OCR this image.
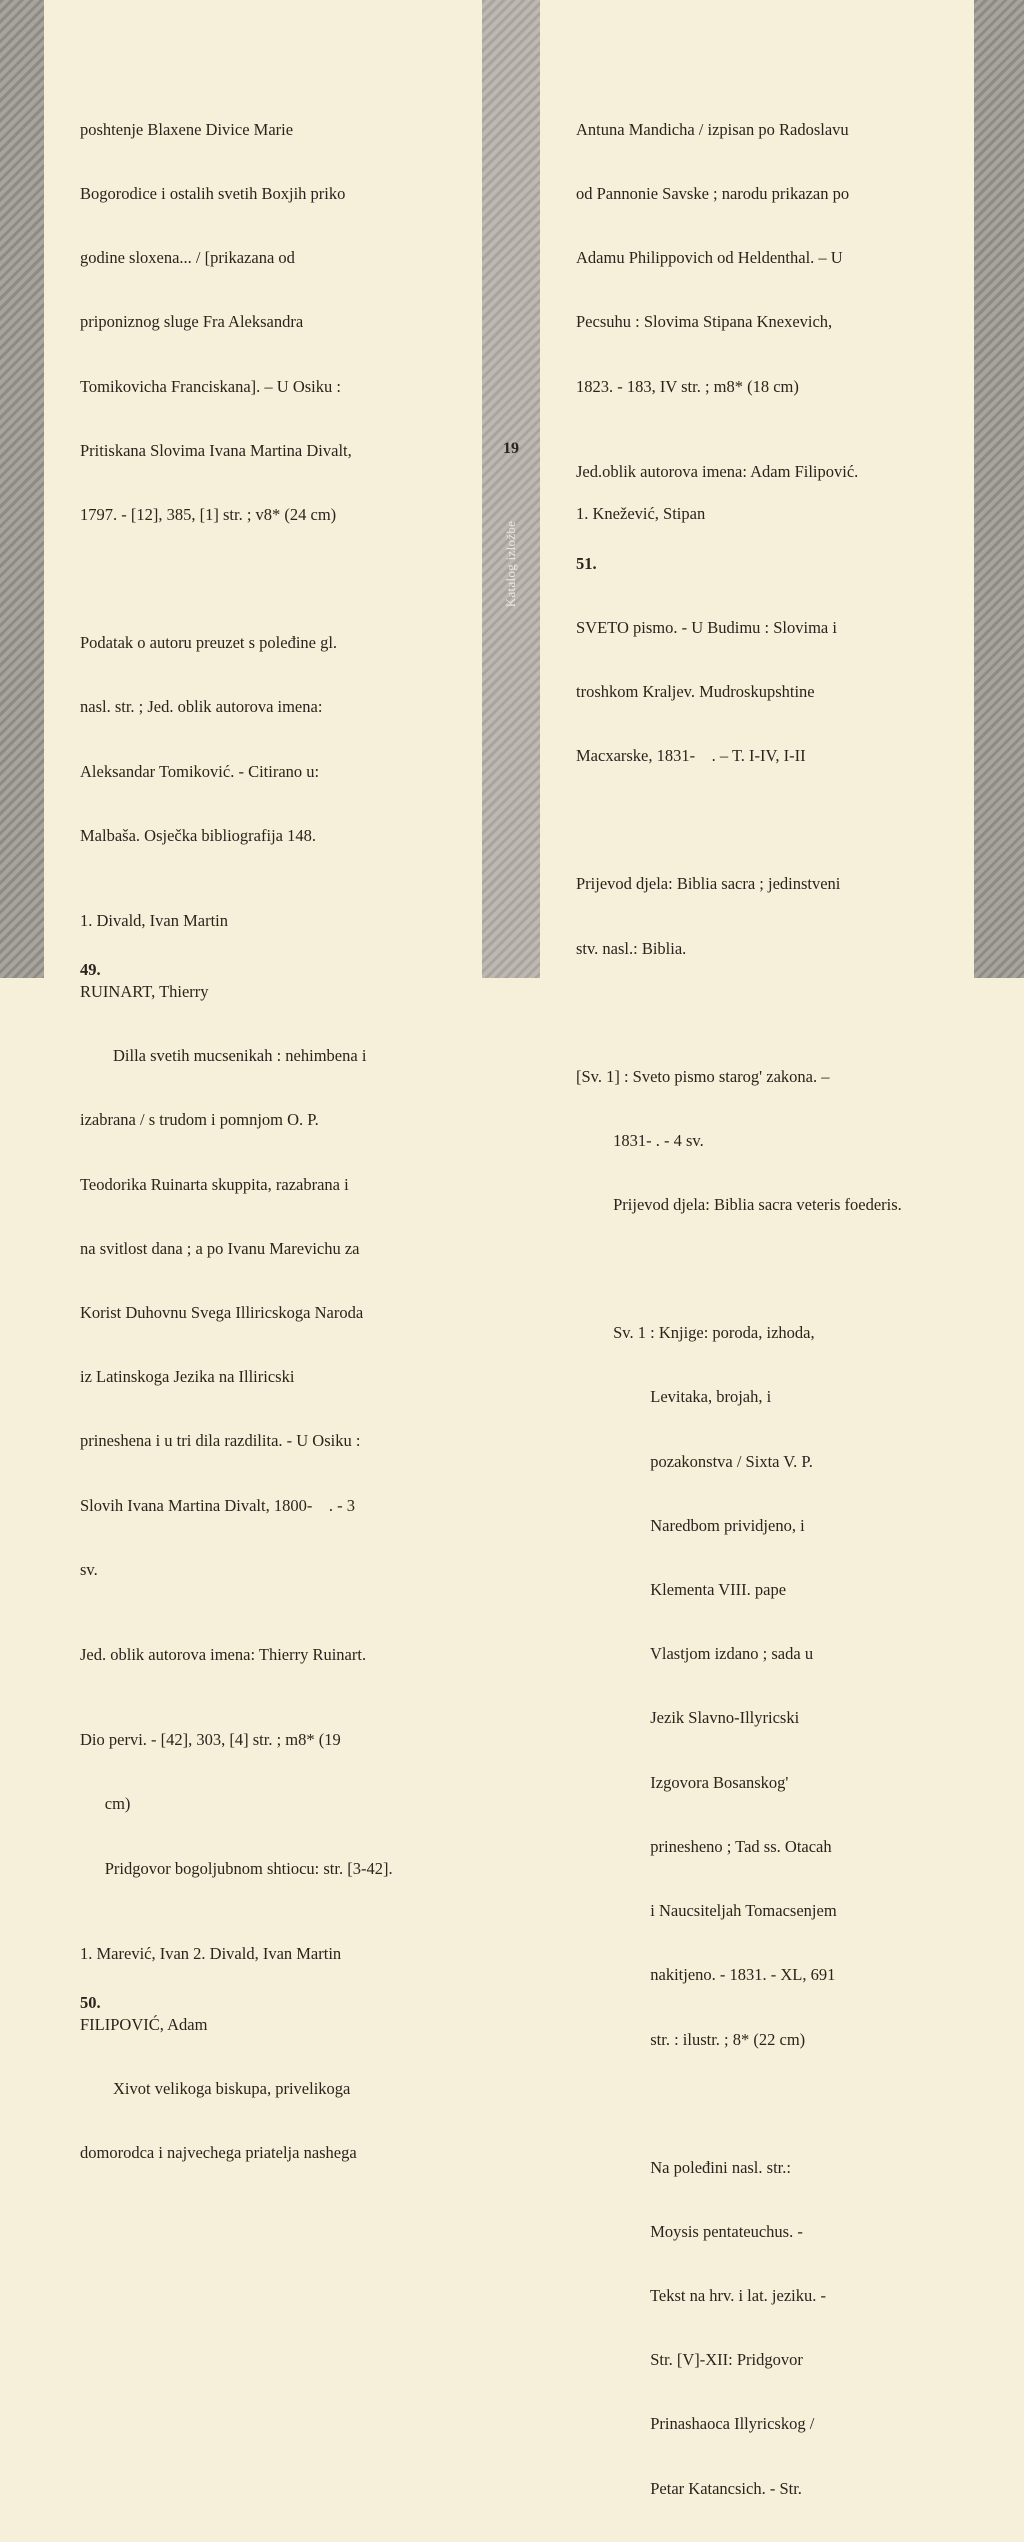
19
Katalog izložbe

poshtenje Blaxene Divice Marie

Bogorodice i ostalih svetih Boxjih priko

godine sloxena... / [prikazana od

priponiznog sluge Fra Aleksandra

Tomikovicha Franciskana]. – U Osiku :

Pritiskana Slovima Ivana Martina Divalt,

1797. - [12], 385, [1] str. ; v8* (24 cm)

Podatak o autoru preuzet s poleđine gl.

nasl. str. ; Jed. oblik autorova imena:

Aleksandar Tomiković. - Citirano u:

Malbaša. Osječka bibliografija 148.

1. Divald, Ivan Martin
49.
RUINART, Thierry

Dilla svetih mucsenikah : nehimbena i

izabrana / s trudom i pomnjom O. P.

Teodorika Ruinarta skuppita, razabrana i

na svitlost dana ; a po Ivanu Marevichu za

Korist Duhovnu Svega Illiricskoga Naroda

iz Latinskoga Jezika na Illiricski

prineshena i u tri dila razdilita. - U Osiku :

Slovih Ivana Martina Divalt, 1800-    . - 3

sv.

Jed. oblik autorova imena: Thierry Ruinart.

Dio pervi. - [42], 303, [4] str. ; m8* (19

cm)

Pridgovor bogoljubnom shtiocu: str. [3-42].

1. Marević, Ivan 2. Divald, Ivan Martin
50.
FILIPOVIĆ, Adam

Xivot velikoga biskupa, privelikoga

domorodca i najvechega priatelja nashega

Antuna Mandicha / izpisan po Radoslavu

od Pannonie Savske ; narodu prikazan po

Adamu Philippovich od Heldenthal. – U

Pecsuhu : Slovima Stipana Knexevich,

1823. - 183, IV str. ; m8* (18 cm)

Jed.oblik autorova imena: Adam Filipović.
1. Knežević, Stipan
51.

SVETO pismo. - U Budimu : Slovima i

troshkom Kraljev. Mudroskupshtine

Macxarske, 1831-    . – T. I-IV, I-II

Prijevod djela: Biblia sacra ; jedinstveni

stv. nasl.: Biblia.

[Sv. 1] : Sveto pismo starog' zakona. –

1831- . - 4 sv.

Prijevod djela: Biblia sacra veteris foederis.

Sv. 1 : Knjige: poroda, izhoda,

Levitaka, brojah, i

pozakonstva / Sixta V. P.

Naredbom prividjeno, i

Klementa VIII. pape

Vlastjom izdano ; sada u

Jezik Slavno-Illyricski

Izgovora Bosanskog'

prinesheno ; Tad ss. Otacah

i Naucsiteljah Tomacsenjem

nakitjeno. - 1831. - XL, 691

str. : ilustr. ; 8* (22 cm)

Na poleđini nasl. str.:

Moysis pentateuchus. -

Tekst na hrv. i lat. jeziku. -

Str. [V]-XII: Pridgovor

Prinashaoca Illyricskog /

Petar Katancsich. - Str.
